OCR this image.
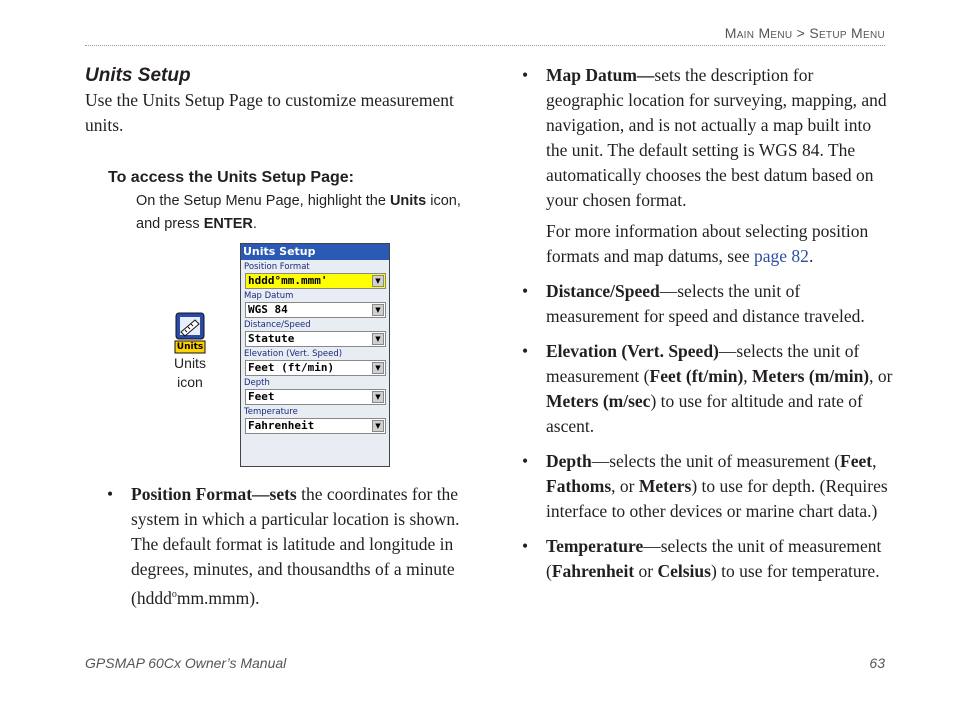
Main Menu > Setup Menu
Units Setup

Use the Units Setup Page to customize measurement units.

To access the Units Setup Page:
On the Setup Menu Page, highlight the Units icon, and press ENTER.
Units
Units
icon
Units Setup
Position Format
hddd°mm.mmm'	▼
Map Datum
WGS 84	▼
Distance/Speed
Statute	▼
Elevation (Vert. Speed)
Feet (ft/min)	▼
Depth
Feet	▼
Temperature
Fahrenheit	▼
• Position Format—sets the coordinates for the system in which a particular location is shown. The default format is latitude and longitude in degrees, minutes, and thousandths of a minute (hddd$^o$mm.mmm).
• Map Datum—sets the description for geographic location for surveying, mapping, and navigation, and is not actually a map built into the unit. The default setting is WGS 84. The automatically chooses the best datum based on your chosen format.
For more information about selecting position formats and map datums, see page 82.
• Distance/Speed—selects the unit of measurement for speed and distance traveled.
• Elevation (Vert. Speed)—selects the unit of measurement (Feet (ft/min), Meters (m/min), or Meters (m/sec) to use for altitude and rate of ascent.
• Depth—selects the unit of measurement (Feet, Fathoms, or Meters) to use for depth. (Requires interface to other devices or marine chart data.)
• Temperature—selects the unit of measurement (Fahrenheit or Celsius) to use for temperature.
GPSMAP 60Cx Owner’s Manual	63
